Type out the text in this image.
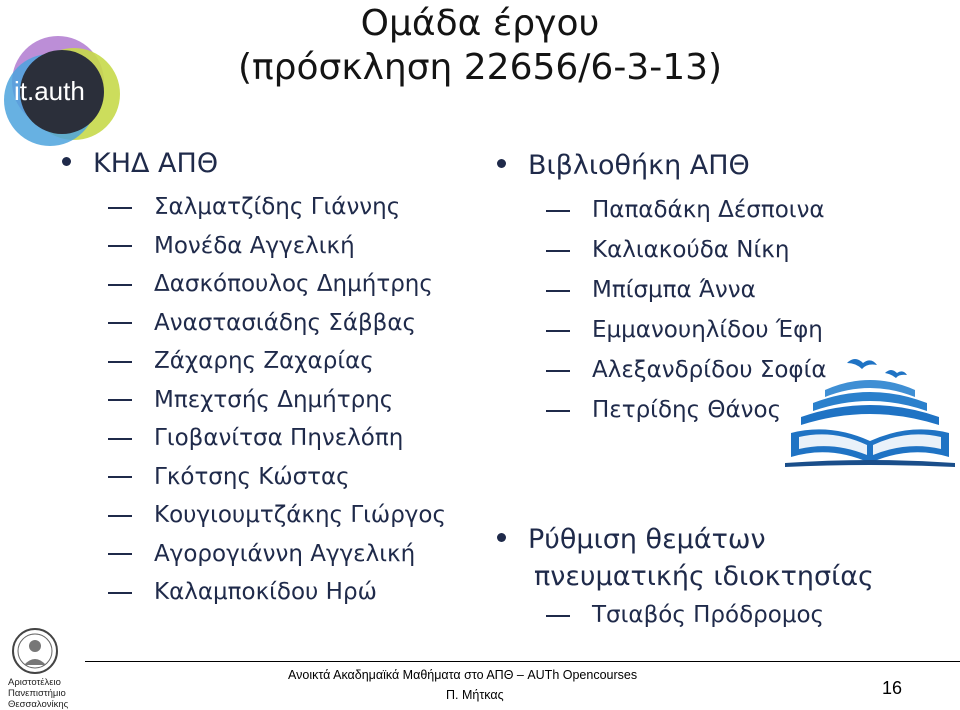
it.auth
Ομάδα έργου
(πρόσκληση 22656/6-3-13)
ΚΗΔ ΑΠΘ
Σαλματζίδης Γιάννης
Μονέδα Αγγελική
Δασκόπουλος Δημήτρης
Αναστασιάδης Σάββας
Ζάχαρης Ζαχαρίας
Μπεχτσής Δημήτρης
Γιοβανίτσα Πηνελόπη
Γκότσης Κώστας
Κουγιουμτζάκης Γιώργος
Αγορογιάννη Αγγελική
Καλαμποκίδου Ηρώ
Βιβλιοθήκη ΑΠΘ
Παπαδάκη Δέσποινα
Καλιακούδα Νίκη
Μπίσμπα Άννα
Εμμανουηλίδου Έφη
Αλεξανδρίδου Σοφία
Πετρίδης Θάνος
Ρύθμιση θεμάτων
πνευματικής ιδιοκτησίας
Τσιαβός Πρόδρομος
Αριστοτέλειο
Πανεπιστήμιο
Θεσσαλονίκης
Ανοικτά Ακαδημαϊκά Μαθήματα στο ΑΠΘ – AUTh Opencourses
Π. Μήτκας	16
